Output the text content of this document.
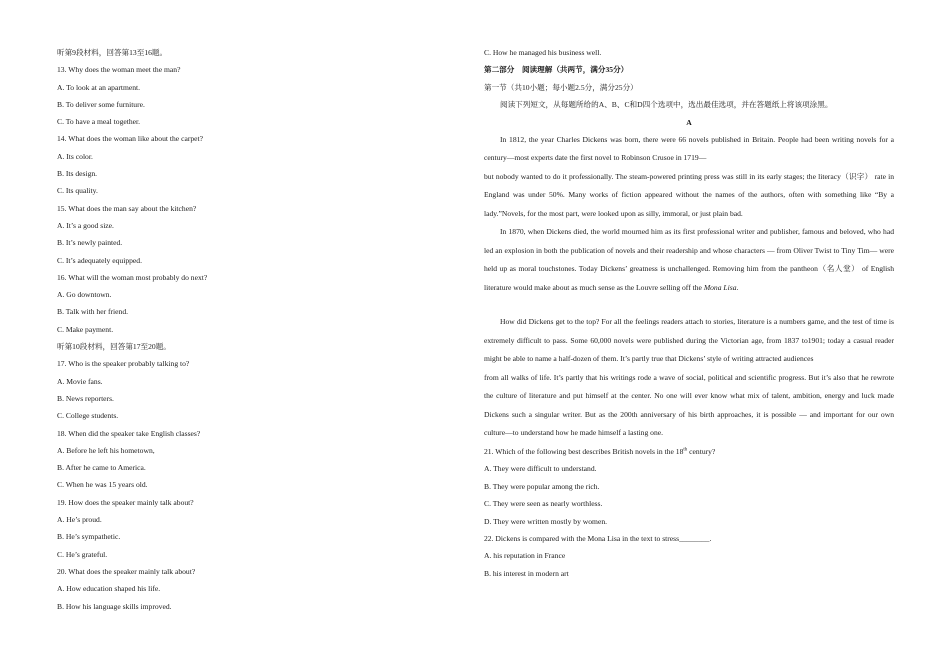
听第9段材料，回答第13至16题。
13. Why does the woman meet the man?
A. To look at an apartment.
B. To deliver some furniture.
C. To have a meal together.
14. What does the woman like about the carpet?
A. Its color.
B. Its design.
C. Its quality.
15. What does the man say about the kitchen?
A. It’s a good size.
B. It’s newly painted.
C. It’s adequately equipped.
16. What will the woman most probably do next?
A. Go downtown.
B. Talk with her friend.
C. Make payment.
听第10段材料，回答第17至20题。
17. Who is the speaker probably talking to?
A. Movie fans.
B. News reporters.
C. College students.
18. When did the speaker take English classes?
A. Before he left his hometown,
B. After he came to America.
C. When he was 15 years old.
19. How does the speaker mainly talk about?
A. He’s proud.
B. He’s sympathetic.
C. He’s grateful.
20. What does the speaker mainly talk about?
A. How education shaped his life.
B. How his language skills improved.
C. How he managed his business well.
第二部分　阅读理解（共两节，满分35分）
第一节（共10小题；每小题2.5分，满分25分）
阅读下列短文，从每题所给的A、B、C和D四个选项中，选出最佳选项，并在答题纸上将该项涂黑。
A

In 1812, the year Charles Dickens was born, there were 66 novels published in Britain. People had been writing novels for a century—most experts date the first novel to Robinson Crusoe in 1719—

but nobody wanted to do it professionally. The steam-powered printing press was still in its early stages; the literacy（识字） rate in England was under 50%. Many works of fiction appeared without the names of the authors, often with something like “By a lady.”Novels, for the most part, were looked upon as silly, immoral, or just plain bad.

In 1870, when Dickens died, the world mourned him as its first professional writer and publisher, famous and beloved, who had led an explosion in both the publication of novels and their readership and whose characters — from Oliver Twist to Tiny Tim— were held up as moral touchstones. Today Dickens’ greatness is unchallenged. Removing him from the pantheon（名人堂） of English literature would make about as much sense as the Louvre selling off the Mona Lisa.

How did Dickens get to the top? For all the feelings readers attach to stories, literature is a numbers game, and the test of time is extremely difficult to pass. Some 60,000 novels were published during the Victorian age, from 1837 to1901; today a casual reader might be able to name a half-dozen of them. It’s partly true that Dickens’ style of writing attracted audiences

from all walks of life. It’s partly that his writings rode a wave of social, political and scientific progress. But it’s also that he rewrote the culture of literature and put himself at the center. No one will ever know what mix of talent, ambition, energy and luck made Dickens such a singular writer. But as the 200th anniversary of his birth approaches, it is possible — and important for our own culture—to understand how he made himself a lasting one.

21. Which of the following best describes British novels in the 18th century?
A. They were difficult to understand.
B. They were popular among the rich.
C. They were seen as nearly worthless.
D. They were written mostly by women.
22. Dickens is compared with the Mona Lisa in the text to stress________.
A. his reputation in France
B. his interest in modern art
